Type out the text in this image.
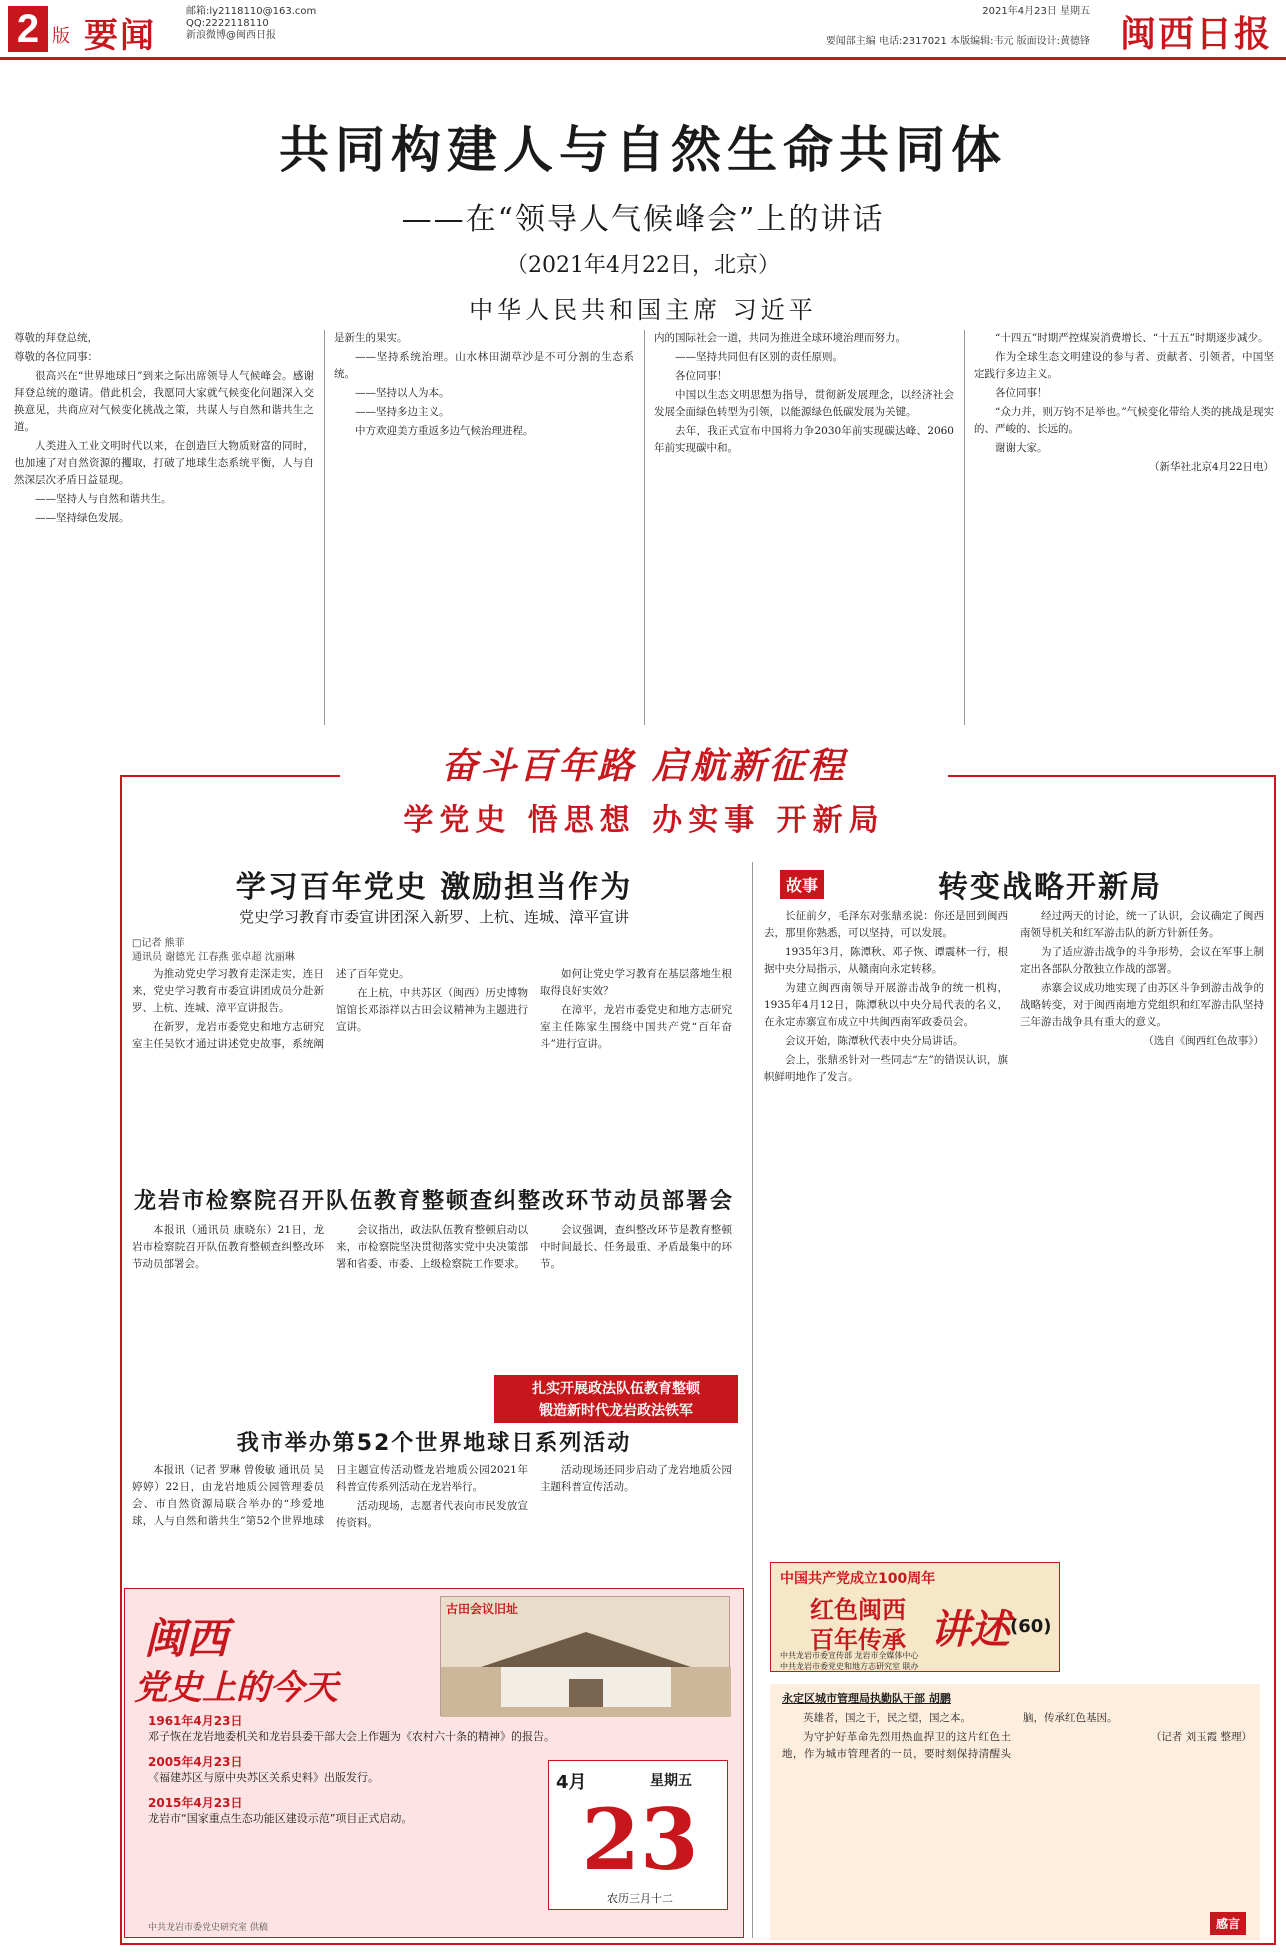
2 版 要闻
邮箱:ly2118110@163.com
QQ:2222118110
新浪微博@闽西日报
2021年4月23日 星期五
要闻部主编 电话:2317021 本版编辑:韦元 版面设计:黄德锋 闽西日报
共同构建人与自然生命共同体
——在“领导人气候峰会”上的讲话
（2021年4月22日，北京）
中华人民共和国主席 习近平

尊敬的拜登总统，

尊敬的各位同事：

很高兴在“世界地球日”到来之际出席领导人气候峰会。感谢拜登总统的邀请。借此机会，我愿同大家就气候变化问题深入交换意见，共商应对气候变化挑战之策，共谋人与自然和谐共生之道。

人类进入工业文明时代以来，在创造巨大物质财富的同时，也加速了对自然资源的攫取，打破了地球生态系统平衡，人与自然深层次矛盾日益显现。

——坚持人与自然和谐共生。

——坚持绿色发展。

是新生的果实。

——坚持系统治理。山水林田湖草沙是不可分割的生态系统。

——坚持以人为本。

——坚持多边主义。

中方欢迎美方重返多边气候治理进程。

内的国际社会一道，共同为推进全球环境治理而努力。

——坚持共同但有区别的责任原则。

各位同事！

中国以生态文明思想为指导，贯彻新发展理念，以经济社会发展全面绿色转型为引领，以能源绿色低碳发展为关键。

去年，我正式宣布中国将力争2030年前实现碳达峰、2060年前实现碳中和。

“十四五”时期严控煤炭消费增长、“十五五”时期逐步减少。

作为全球生态文明建设的参与者、贡献者、引领者，中国坚定践行多边主义。

各位同事！

“众力并，则万钧不足举也。”气候变化带给人类的挑战是现实的、严峻的、长远的。

谢谢大家。

（新华社北京4月22日电）

奋斗百年路 启航新征程
学党史 悟思想 办实事 开新局
学习百年党史 激励担当作为
党史学习教育市委宣讲团深入新罗、上杭、连城、漳平宣讲
□记者 熊菲
通讯员 谢德光 江春燕 张卓超 沈丽琳

为推动党史学习教育走深走实，连日来，党史学习教育市委宣讲团成员分赴新罗、上杭、连城、漳平宣讲报告。

在新罗，龙岩市委党史和地方志研究室主任吴钦才通过讲述党史故事，系统阐述了百年党史。

在上杭，中共苏区（闽西）历史博物馆馆长邓添祥以古田会议精神为主题进行宣讲。

如何让党史学习教育在基层落地生根取得良好实效？

在漳平，龙岩市委党史和地方志研究室主任陈家生围绕中国共产党“百年奋斗”进行宣讲。

龙岩市检察院召开队伍教育整顿查纠整改环节动员部署会

本报讯（通讯员 康晓东）21日，龙岩市检察院召开队伍教育整顿查纠整改环节动员部署会。

会议指出，政法队伍教育整顿启动以来，市检察院坚决贯彻落实党中央决策部署和省委、市委、上级检察院工作要求。

会议强调，查纠整改环节是教育整顿中时间最长、任务最重、矛盾最集中的环节。

扎实开展政法队伍教育整顿
锻造新时代龙岩政法铁军
我市举办第52个世界地球日系列活动

本报讯（记者 罗琳 曾俊敏 通讯员 吴婷婷）22日，由龙岩地质公园管理委员会、市自然资源局联合举办的“珍爱地球，人与自然和谐共生”第52个世界地球日主题宣传活动暨龙岩地质公园2021年科普宣传系列活动在龙岩举行。

活动现场，志愿者代表向市民发放宣传资料。

活动现场还同步启动了龙岩地质公园主题科普宣传活动。

闽西
党史上的今天
古田会议旧址
1961年4月23日
邓子恢在龙岩地委机关和龙岩县委干部大会上作题为《农村六十条的精神》的报告。
2005年4月23日
《福建苏区与原中央苏区关系史料》出版发行。
2015年4月23日
龙岩市“国家重点生态功能区建设示范”项目正式启动。
4月	星期五
23
农历三月十二
中共龙岩市委党史研究室 供稿
故事	转变战略开新局

长征前夕，毛泽东对张鼎丞说：你还是回到闽西去，那里你熟悉，可以坚持，可以发展。

1935年3月，陈潭秋、邓子恢、谭震林一行，根据中央分局指示，从赣南向永定转移。

为建立闽西南领导开展游击战争的统一机构，1935年4月12日，陈潭秋以中央分局代表的名义，在永定赤寨宣布成立中共闽西南军政委员会。

会议开始，陈潭秋代表中央分局讲话。

会上，张鼎丞针对一些同志“左”的错误认识，旗帜鲜明地作了发言。

经过两天的讨论，统一了认识，会议确定了闽西南领导机关和红军游击队的新方针新任务。

为了适应游击战争的斗争形势，会议在军事上制定出各部队分散独立作战的部署。

赤寨会议成功地实现了由苏区斗争到游击战争的战略转变，对于闽西南地方党组织和红军游击队坚持三年游击战争具有重大的意义。

（选自《闽西红色故事》）

中国共产党成立100周年
红色闽西
百年传承 讲述 (60)
中共龙岩市委宣传部 龙岩市全媒体中心
中共龙岩市委党史和地方志研究室 联办
永定区城市管理局执勤队干部 胡鹏

英雄者，国之干，民之望，国之本。

为守护好革命先烈用热血捍卫的这片红色土地，作为城市管理者的一员，要时刻保持清醒头脑，传承红色基因。

（记者 刘玉霞 整理）

感言
